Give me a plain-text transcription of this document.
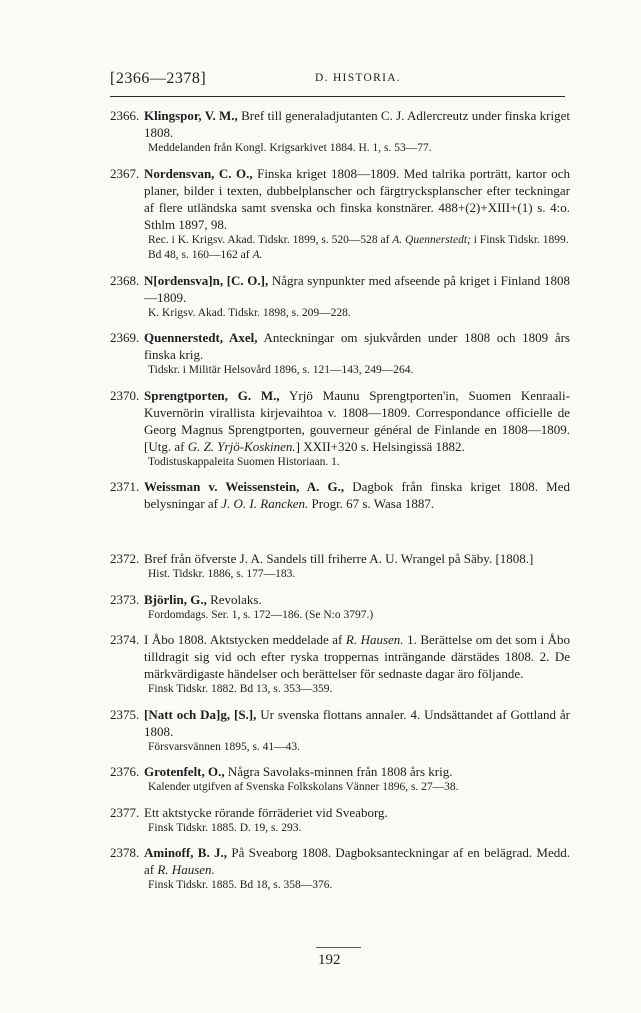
[2366—2378]	D. HISTORIA.
2366. Klingspor, V. M., Bref till generaladjutanten C. J. Adlercreutz under finska kriget 1808.
Meddelanden från Kongl. Krigsarkivet 1884. H. 1, s. 53—77.
2367. Nordensvan, C. O., Finska kriget 1808—1809. Med talrika porträtt, kartor och planer, bilder i texten, dubbelplanscher och färgtrycksplanscher efter teckningar af flere utländska samt svenska och finska konstnärer. 488+(2)+XIII+(1) s. 4:o. Sthlm 1897, 98.
Rec. i K. Krigsv. Akad. Tidskr. 1899, s. 520—528 af A. Quennerstedt; i Finsk Tidskr. 1899. Bd 48, s. 160—162 af A.
2368. N[ordensva]n, [C. O.], Några synpunkter med afseende på kriget i Finland 1808—1809.
K. Krigsv. Akad. Tidskr. 1898, s. 209—228.
2369. Quennerstedt, Axel, Anteckningar om sjukvården under 1808 och 1809 års finska krig.
Tidskr. i Militär Helsovård 1896, s. 121—143, 249—264.
2370. Sprengtporten, G. M., Yrjö Maunu Sprengtporten'in, Suomen Kenraali-Kuvernörin virallista kirjevaihtoa v. 1808—1809. Correspondance officielle de Georg Magnus Sprengtporten, gouverneur général de Finlande en 1808—1809. [Utg. af G. Z. Yrjö-Koskinen.] XXII+320 s. Helsingissä 1882.
Todistuskappaleita Suomen Historiaan. 1.
2371. Weissman v. Weissenstein, A. G., Dagbok från finska kriget 1808. Med belysningar af J. O. I. Rancken. Progr. 67 s. Wasa 1887.
2372. Bref från öfverste J. A. Sandels till friherre A. U. Wrangel på Säby. [1808.]
Hist. Tidskr. 1886, s. 177—183.
2373. Björlin, G., Revolaks.
Fordomdags. Ser. 1, s. 172—186. (Se N:o 3797.)
2374. I Åbo 1808. Aktstycken meddelade af R. Hausen. 1. Berättelse om det som i Åbo tilldragit sig vid och efter ryska troppernas inträngande därstädes 1808. 2. De märkvärdigaste händelser och berättelser för sednaste dagar äro följande.
Finsk Tidskr. 1882. Bd 13, s. 353—359.
2375. [Natt och Da]g, [S.], Ur svenska flottans annaler. 4. Undsättandet af Gottland år 1808.
Försvarsvännen 1895, s. 41—43.
2376. Grotenfelt, O., Några Savolaks-minnen från 1808 års krig.
Kalender utgifven af Svenska Folkskolans Vänner 1896, s. 27—38.
2377. Ett aktstycke rörande förräderiet vid Sveaborg.
Finsk Tidskr. 1885. D. 19, s. 293.
2378. Aminoff, B. J., På Sveaborg 1808. Dagboksanteckningar af en belägrad. Medd. af R. Hausen.
Finsk Tidskr. 1885. Bd 18, s. 358—376.
192
